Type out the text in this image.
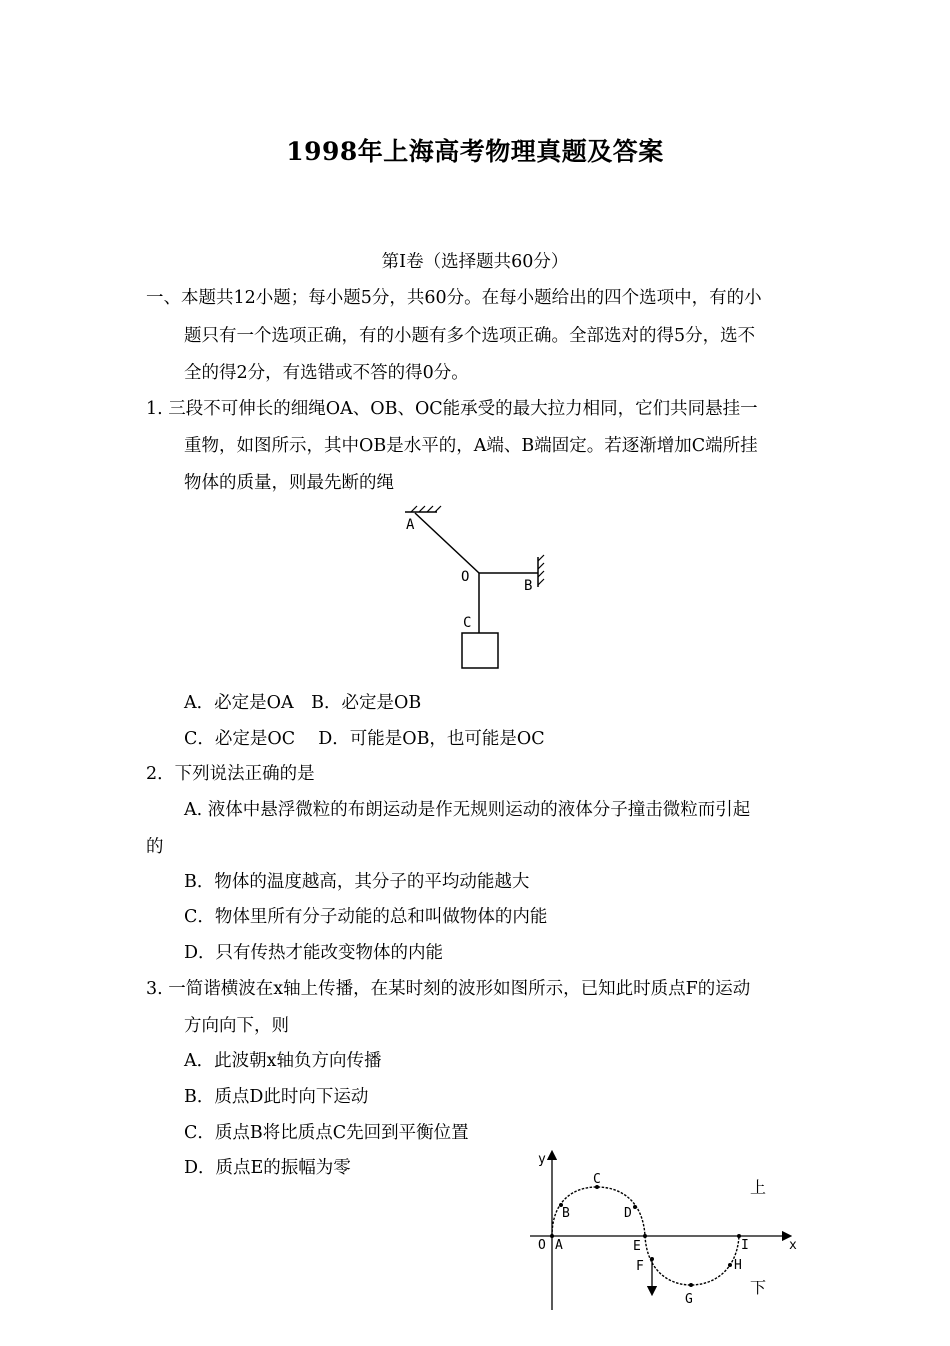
1998年上海高考物理真题及答案
第Ⅰ卷（选择题共60分）
一、本题共12小题；每小题5分，共60分。在每小题给出的四个选项中，有的小
题只有一个选项正确，有的小题有多个选项正确。全部选对的得5分，选不
全的得2分，有选错或不答的得0分。
1. 三段不可伸长的细绳OA、OB、OC能承受的最大拉力相同，它们共同悬挂一
重物，如图所示，其中OB是水平的，A端、B端固定。若逐渐增加C端所挂
物体的质量，则最先断的绳
A
O
B
C
A．必定是OA　B．必定是OB
C．必定是OC　 D．可能是OB，也可能是OC
2．下列说法正确的是
A. 液体中悬浮微粒的布朗运动是作无规则运动的液体分子撞击微粒而引起
的
B．物体的温度越高，其分子的平均动能越大
C．物体里所有分子动能的总和叫做物体的内能
D．只有传热才能改变物体的内能
3. 一简谐横波在x轴上传播，在某时刻的波形如图所示，已知此时质点F的运动
方向向下，则
A．此波朝x轴负方向传播
B．质点D此时向下运动
C．质点B将比质点C先回到平衡位置
D．质点E的振幅为零	y
x
O A
B
C
D
E
F
G
H
I
上
下
